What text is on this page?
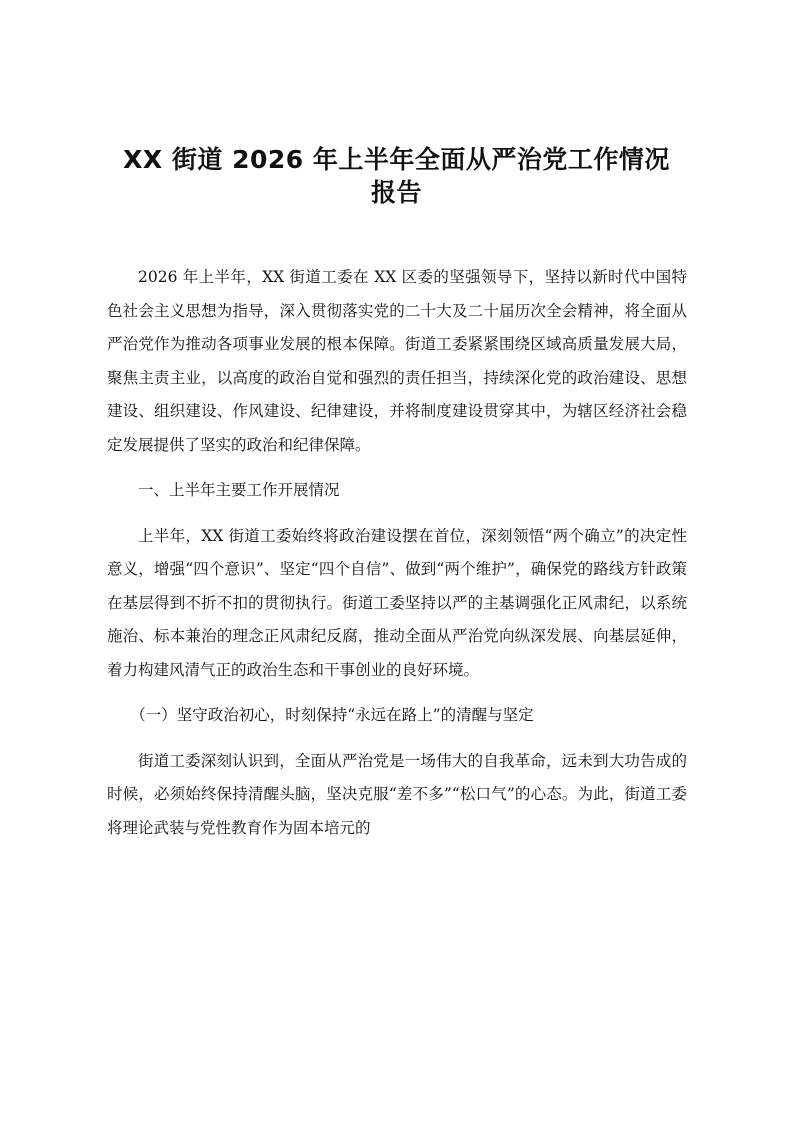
XX 街道 2026 年上半年全面从严治党工作情况
报告

2026 年上半年，XX 街道工委在 XX 区委的坚强领导下，坚持以新时代中国特色社会主义思想为指导，深入贯彻落实党的二十大及二十届历次全会精神，将全面从严治党作为推动各项事业发展的根本保障。街道工委紧紧围绕区域高质量发展大局，聚焦主责主业，以高度的政治自觉和强烈的责任担当，持续深化党的政治建设、思想建设、组织建设、作风建设、纪律建设，并将制度建设贯穿其中，为辖区经济社会稳定发展提供了坚实的政治和纪律保障。

一、上半年主要工作开展情况

上半年，XX 街道工委始终将政治建设摆在首位，深刻领悟“两个确立”的决定性意义，增强“四个意识”、坚定“四个自信”、做到“两个维护”，确保党的路线方针政策在基层得到不折不扣的贯彻执行。街道工委坚持以严的主基调强化正风肃纪，以系统施治、标本兼治的理念正风肃纪反腐，推动全面从严治党向纵深发展、向基层延伸，着力构建风清气正的政治生态和干事创业的良好环境。

（一）坚守政治初心，时刻保持“永远在路上”的清醒与坚定

街道工委深刻认识到，全面从严治党是一场伟大的自我革命，远未到大功告成的时候，必须始终保持清醒头脑，坚决克服“差不多”“松口气”的心态。为此，街道工委将理论武装与党性教育作为固本培元的
